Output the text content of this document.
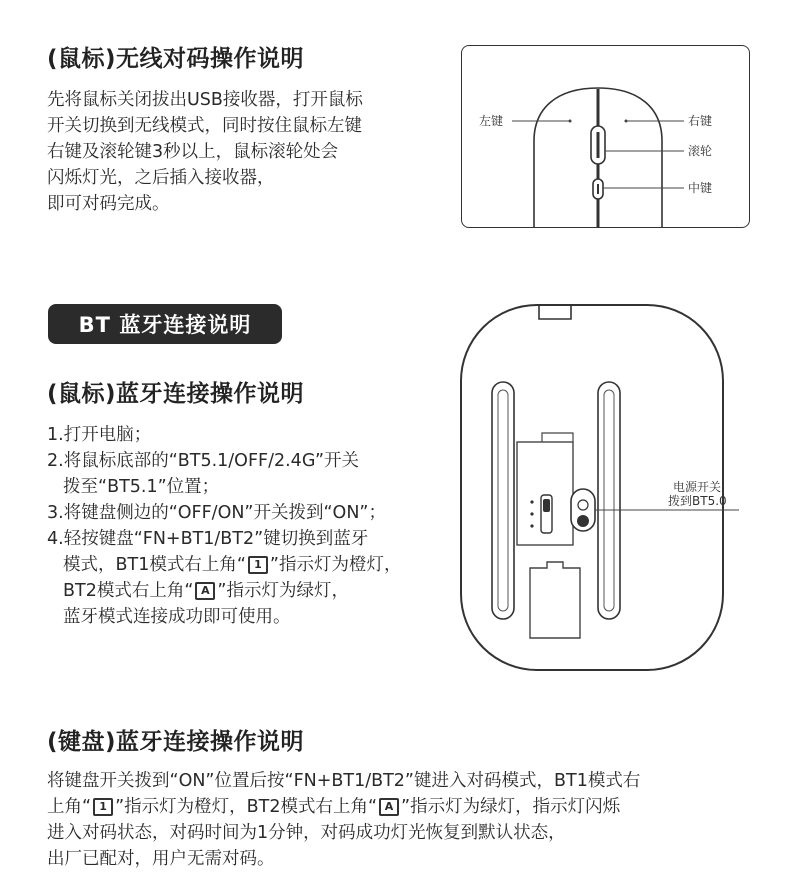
(鼠标)无线对码操作说明
先将鼠标关闭拔出USB接收器，打开鼠标
开关切换到无线模式，同时按住鼠标左键
右键及滚轮键3秒以上，鼠标滚轮处会
闪烁灯光，之后插入接收器，
即可对码完成。
左键	右键
滚轮
中键
BT 蓝牙连接说明
(鼠标)蓝牙连接操作说明
1.打开电脑；
2.将鼠标底部的“BT5.1/OFF/2.4G”开关
拨至“BT5.1”位置；
3.将键盘侧边的“OFF/ON”开关拨到“ON”；
4.轻按键盘“FN+BT1/BT2”键切换到蓝牙
模式，BT1模式右上角“ 1 ”指示灯为橙灯，
BT2模式右上角“ A ”指示灯为绿灯，
蓝牙模式连接成功即可使用。
电源开关
拨到BT5.0
(键盘)蓝牙连接操作说明
将键盘开关拨到“ON”位置后按“FN+BT1/BT2”键进入对码模式，BT1模式右
上角“ 1 ”指示灯为橙灯，BT2模式右上角“ A ”指示灯为绿灯，指示灯闪烁
进入对码状态，对码时间为1分钟，对码成功灯光恢复到默认状态，
出厂已配对，用户无需对码。
